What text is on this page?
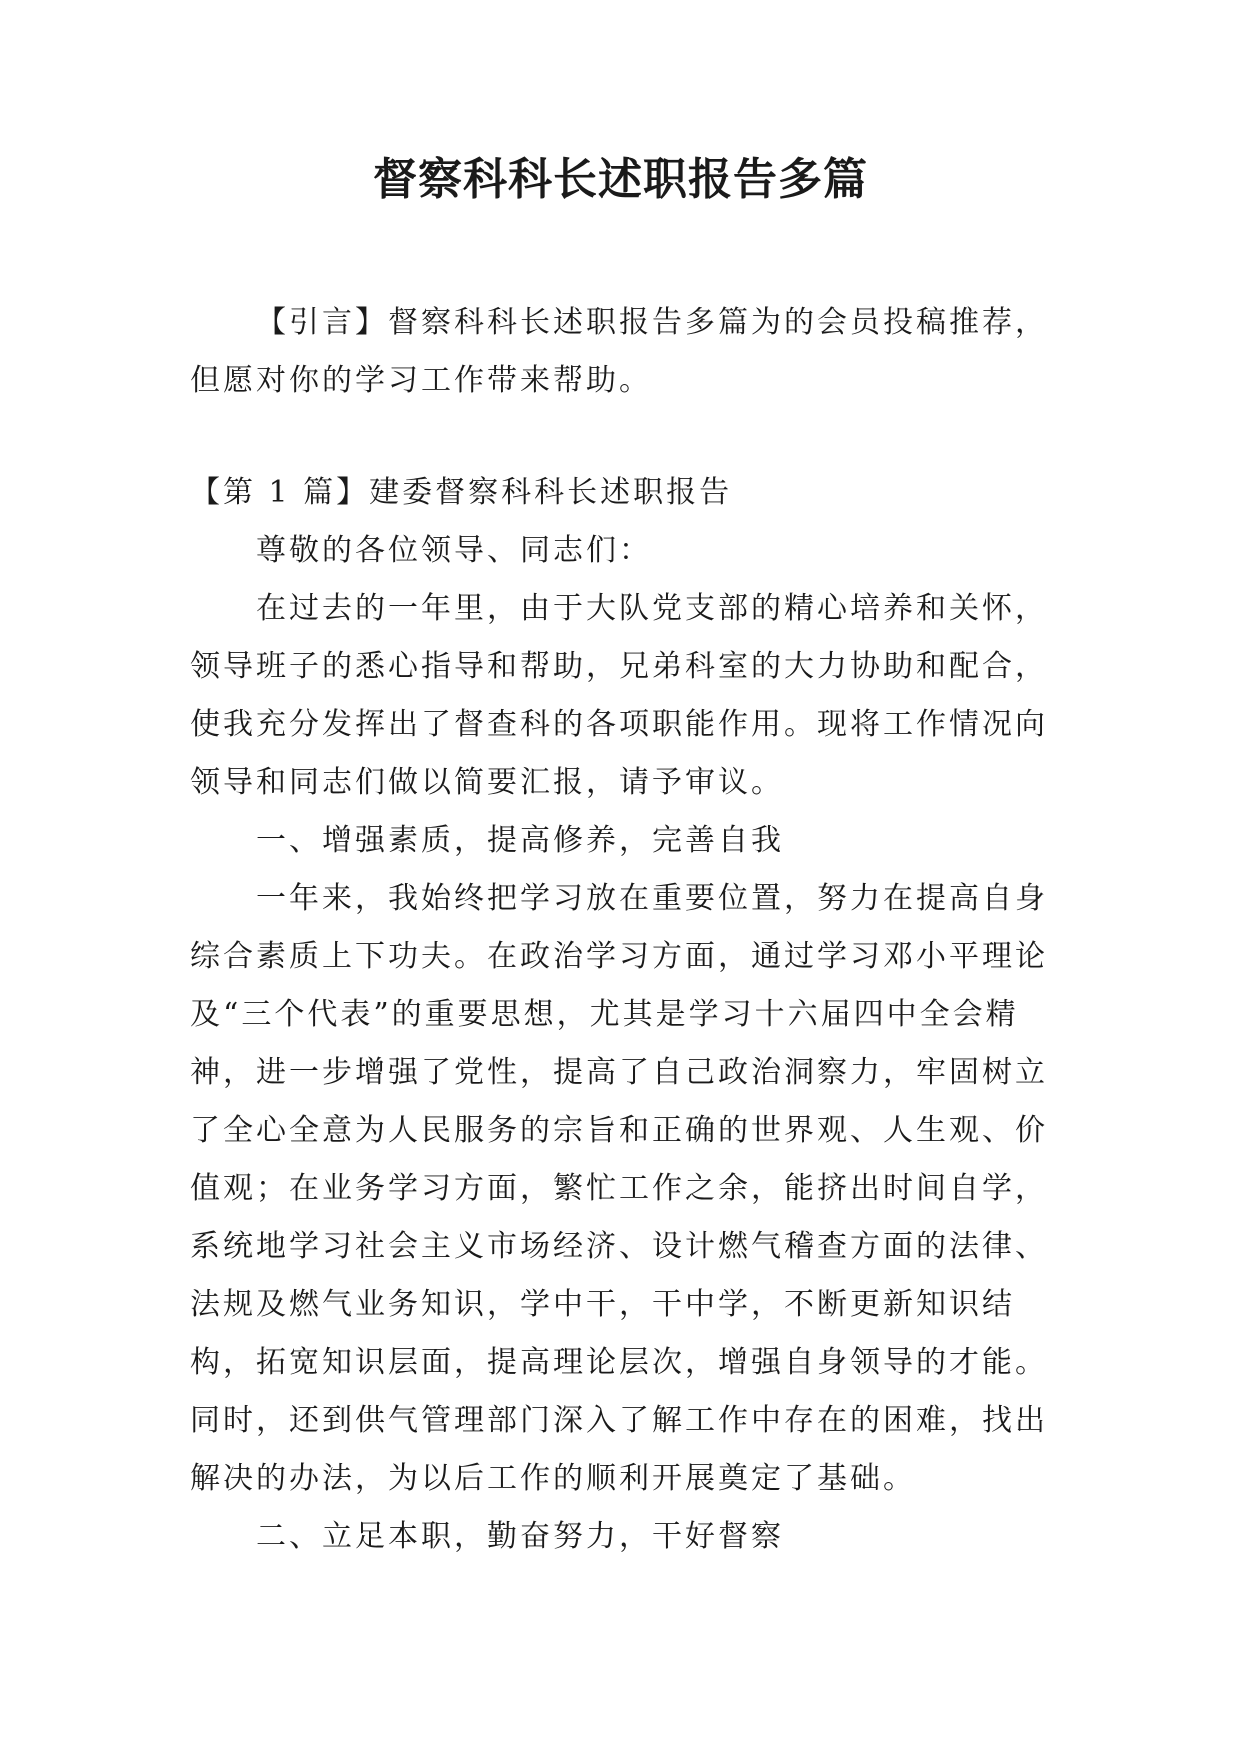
督察科科长述职报告多篇

【引言】督察科科长述职报告多篇为的会员投稿推荐，
但愿对你的学习工作带来帮助。

【第 1 篇】建委督察科科长述职报告

尊敬的各位领导、同志们：

在过去的一年里，由于大队党支部的精心培养和关怀，领导班子的悉心指导和帮助，兄弟科室的大力协助和配合，使我充分发挥出了督查科的各项职能作用。现将工作情况向领导和同志们做以简要汇报，请予审议。

一、增强素质，提高修养，完善自我

一年来，我始终把学习放在重要位置，努力在提高自身综合素质上下功夫。在政治学习方面，通过学习邓小平理论及“三个代表”的重要思想，尤其是学习十六届四中全会精神，进一步增强了党性，提高了自己政治洞察力，牢固树立了全心全意为人民服务的宗旨和正确的世界观、人生观、价值观；在业务学习方面，繁忙工作之余，能挤出时间自学，系统地学习社会主义市场经济、设计燃气稽查方面的法律、法规及燃气业务知识，学中干，干中学，不断更新知识结构，拓宽知识层面，提高理论层次，增强自身领导的才能。同时，还到供气管理部门深入了解工作中存在的困难，找出解决的办法，为以后工作的顺利开展奠定了基础。

二、立足本职，勤奋努力，干好督察
